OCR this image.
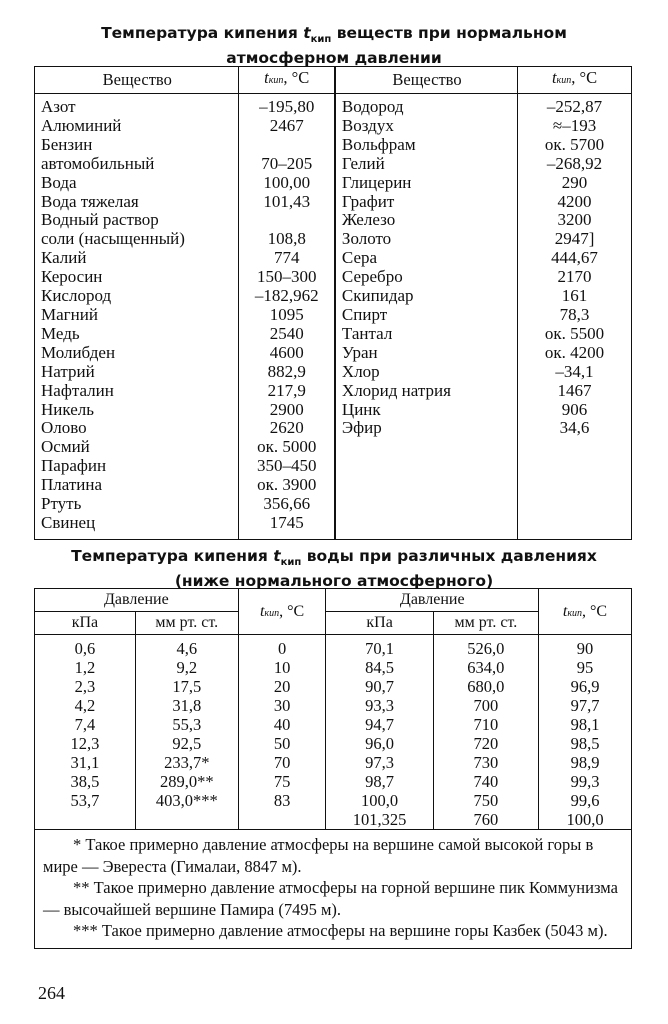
Температура кипения $t_{кип}$ веществ при нормальном
атмосферном давлении
Вещество	tкип, °C	Вещество	tкип, °C
Азот	–195,80	Водород	–252,87
Алюминий	2467	Воздух	≈–193
Бензин		Вольфрам	ок. 5700
автомобильный	70–205	Гелий	–268,92
Вода	100,00	Глицерин	290
Вода тяжелая	101,43	Графит	4200
Водный раствор		Железо	3200
соли (насыщенный)	108,8	Золото	2947]
Калий	774	Сера	444,67
Керосин	150–300	Серебро	2170
Кислород	–182,962	Скипидар	161
Магний	1095	Спирт	78,3
Медь	2540	Тантал	ок. 5500
Молибден	4600	Уран	ок. 4200
Натрий	882,9	Хлор	–34,1
Нафталин	217,9	Хлорид натрия	1467
Никель	2900	Цинк	906
Олово	2620	Эфир	34,6
Осмий	ок. 5000		
Парафин	350–450		
Платина	ок. 3900		
Ртуть	356,66		
Свинец	1745		
Температура кипения $t_{кип}$ воды при различных давлениях
(ниже нормального атмосферного)
Давление		tкип, °C	Давление		tкип, °C
кПа	мм рт. ст.		кПа	мм рт. ст.	
0,6	4,6	0	70,1	526,0	90
1,2	9,2	10	84,5	634,0	95
2,3	17,5	20	90,7	680,0	96,9
4,2	31,8	30	93,3	700	97,7
7,4	55,3	40	94,7	710	98,1
12,3	92,5	50	96,0	720	98,5
31,1	233,7*	70	97,3	730	98,9
38,5	289,0**	75	98,7	740	99,3
53,7	403,0***	83	100,0	750	99,6
			101,325	760	100,0

* Такое примерно давление атмосферы на вершине самой высокой горы в мире — Эвереста (Гималаи, 8847 м).
** Такое примерно давление атмосферы на горной вершине пик Коммунизма — высочайшей вершине Памира (7495 м).
*** Такое примерно давление атмосферы на вершине горы Казбек (5043 м).					
264
